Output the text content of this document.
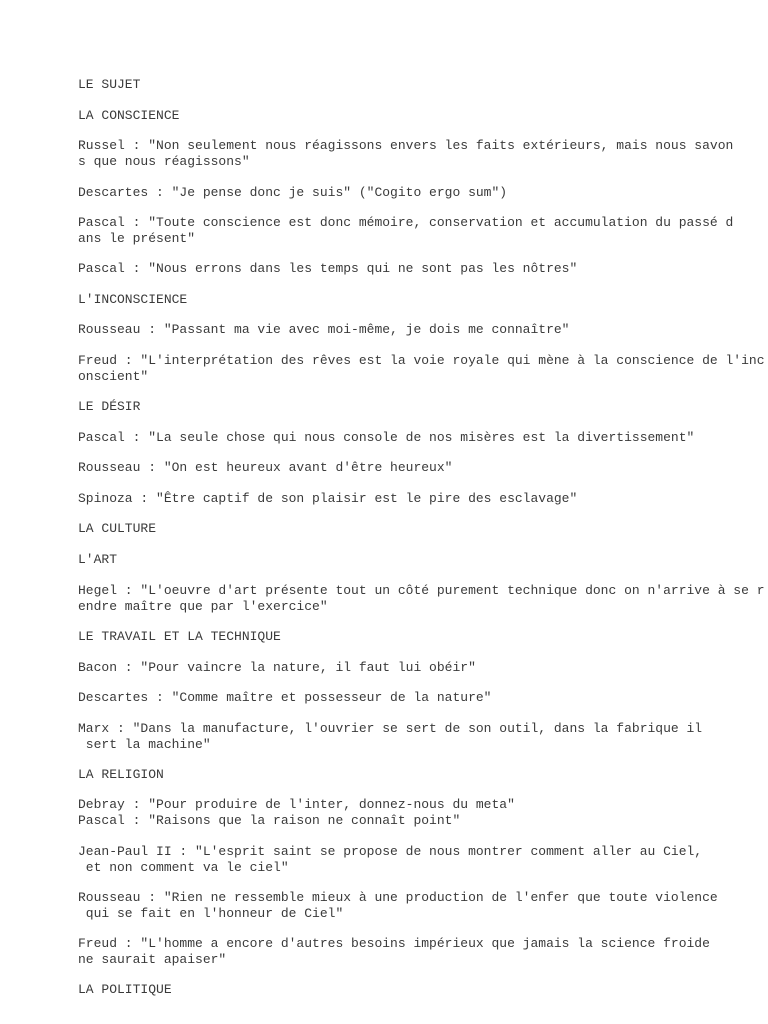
LE SUJET
LA CONSCIENCE
Russel : "Non seulement nous réagissons envers les faits extérieurs, mais nous savon
s que nous réagissons"
Descartes : "Je pense donc je suis" ("Cogito ergo sum")
Pascal : "Toute conscience est donc mémoire, conservation et accumulation du passé d
ans le présent"
Pascal : "Nous errons dans les temps qui ne sont pas les nôtres"
L'INCONSCIENCE
Rousseau : "Passant ma vie avec moi-même, je dois me connaître"
Freud : "L'interprétation des rêves est la voie royale qui mène à la conscience de l'inc
onscient"
LE DÉSIR
Pascal : "La seule chose qui nous console de nos misères est la divertissement"
Rousseau : "On est heureux avant d'être heureux"
Spinoza : "Être captif de son plaisir est le pire des esclavage"
LA CULTURE
L'ART
Hegel : "L'oeuvre d'art présente tout un côté purement technique donc on n'arrive à se r
endre maître que par l'exercice"
LE TRAVAIL ET LA TECHNIQUE
Bacon : "Pour vaincre la nature, il faut lui obéir"
Descartes : "Comme maître et possesseur de la nature"
Marx : "Dans la manufacture, l'ouvrier se sert de son outil, dans la fabrique il
sert la machine"
LA RELIGION
Debray : "Pour produire de l'inter, donnez-nous du meta"
Pascal : "Raisons que la raison ne connaît point"
Jean-Paul II : "L'esprit saint se propose de nous montrer comment aller au Ciel,
et non comment va le ciel"
Rousseau : "Rien ne ressemble mieux à une production de l'enfer que toute violence
qui se fait en l'honneur de Ciel"
Freud : "L'homme a encore d'autres besoins impérieux que jamais la science froide
ne saurait apaiser"
LA POLITIQUE
